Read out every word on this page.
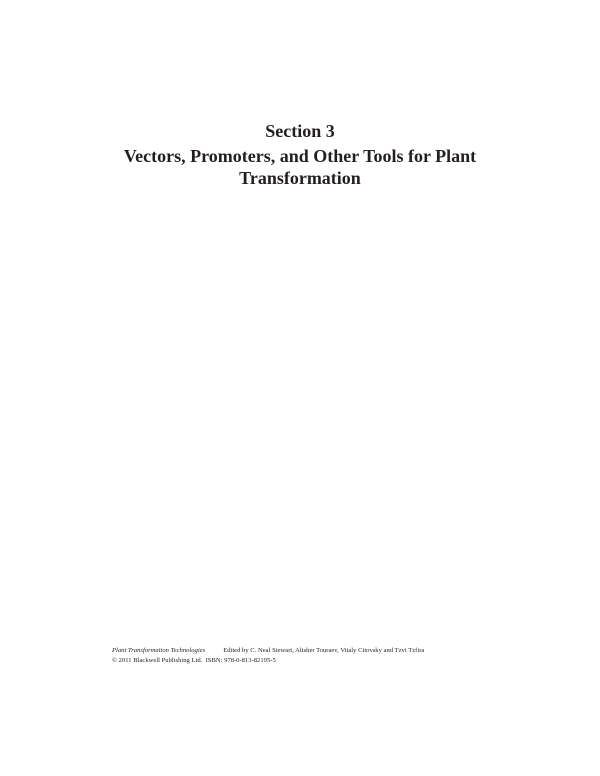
Section 3
Vectors, Promoters, and Other Tools for Plant Transformation
Plant Transformation Technologies	Edited by C. Neal Stewart, Alisher Touraev, Vitaly Citovsky and Tzvi Tzfira
© 2011 Blackwell Publishing Ltd. ISBN: 978-0-813-82195-5
